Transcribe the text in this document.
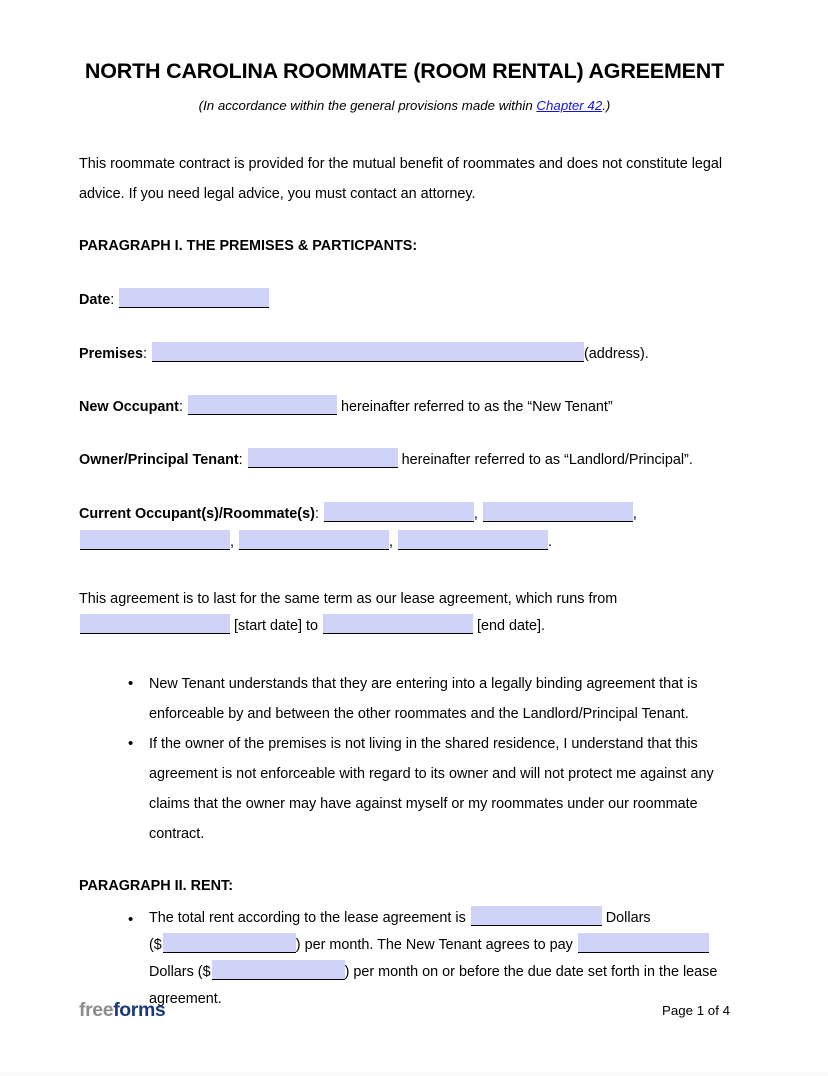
NORTH CAROLINA ROOMMATE (ROOM RENTAL) AGREEMENT
(In accordance within the general provisions made within Chapter 42.)

This roommate contract is provided for the mutual benefit of roommates and does not constitute legal advice. If you need legal advice, you must contact an attorney.

PARAGRAPH I. THE PREMISES & PARTICPANTS:
Date:
Premises:	(address).
New Occupant:	hereinafter referred to as the “New Tenant”
Owner/Principal Tenant:	hereinafter referred to as “Landlord/Principal”.
Current Occupant(s)/Roommate(s):	,	, ,	,	.
This agreement is to last for the same term as our lease agreement, which runs from
[start date] to	[end date].
• New Tenant understands that they are entering into a legally binding agreement that is enforceable by and between the other roommates and the Landlord/Principal Tenant.
• If the owner of the premises is not living in the shared residence, I understand that this agreement is not enforceable with regard to its owner and will not protect me against any claims that the owner may have against myself or my roommates under our roommate contract.
PARAGRAPH II. RENT:
• The total rent according to the lease agreement is	Dollars
($	) per month. The New Tenant agrees to pay
Dollars ($	) per month on or before the due date set forth in the lease
agreement.
freeforms	Page 1 of 4
